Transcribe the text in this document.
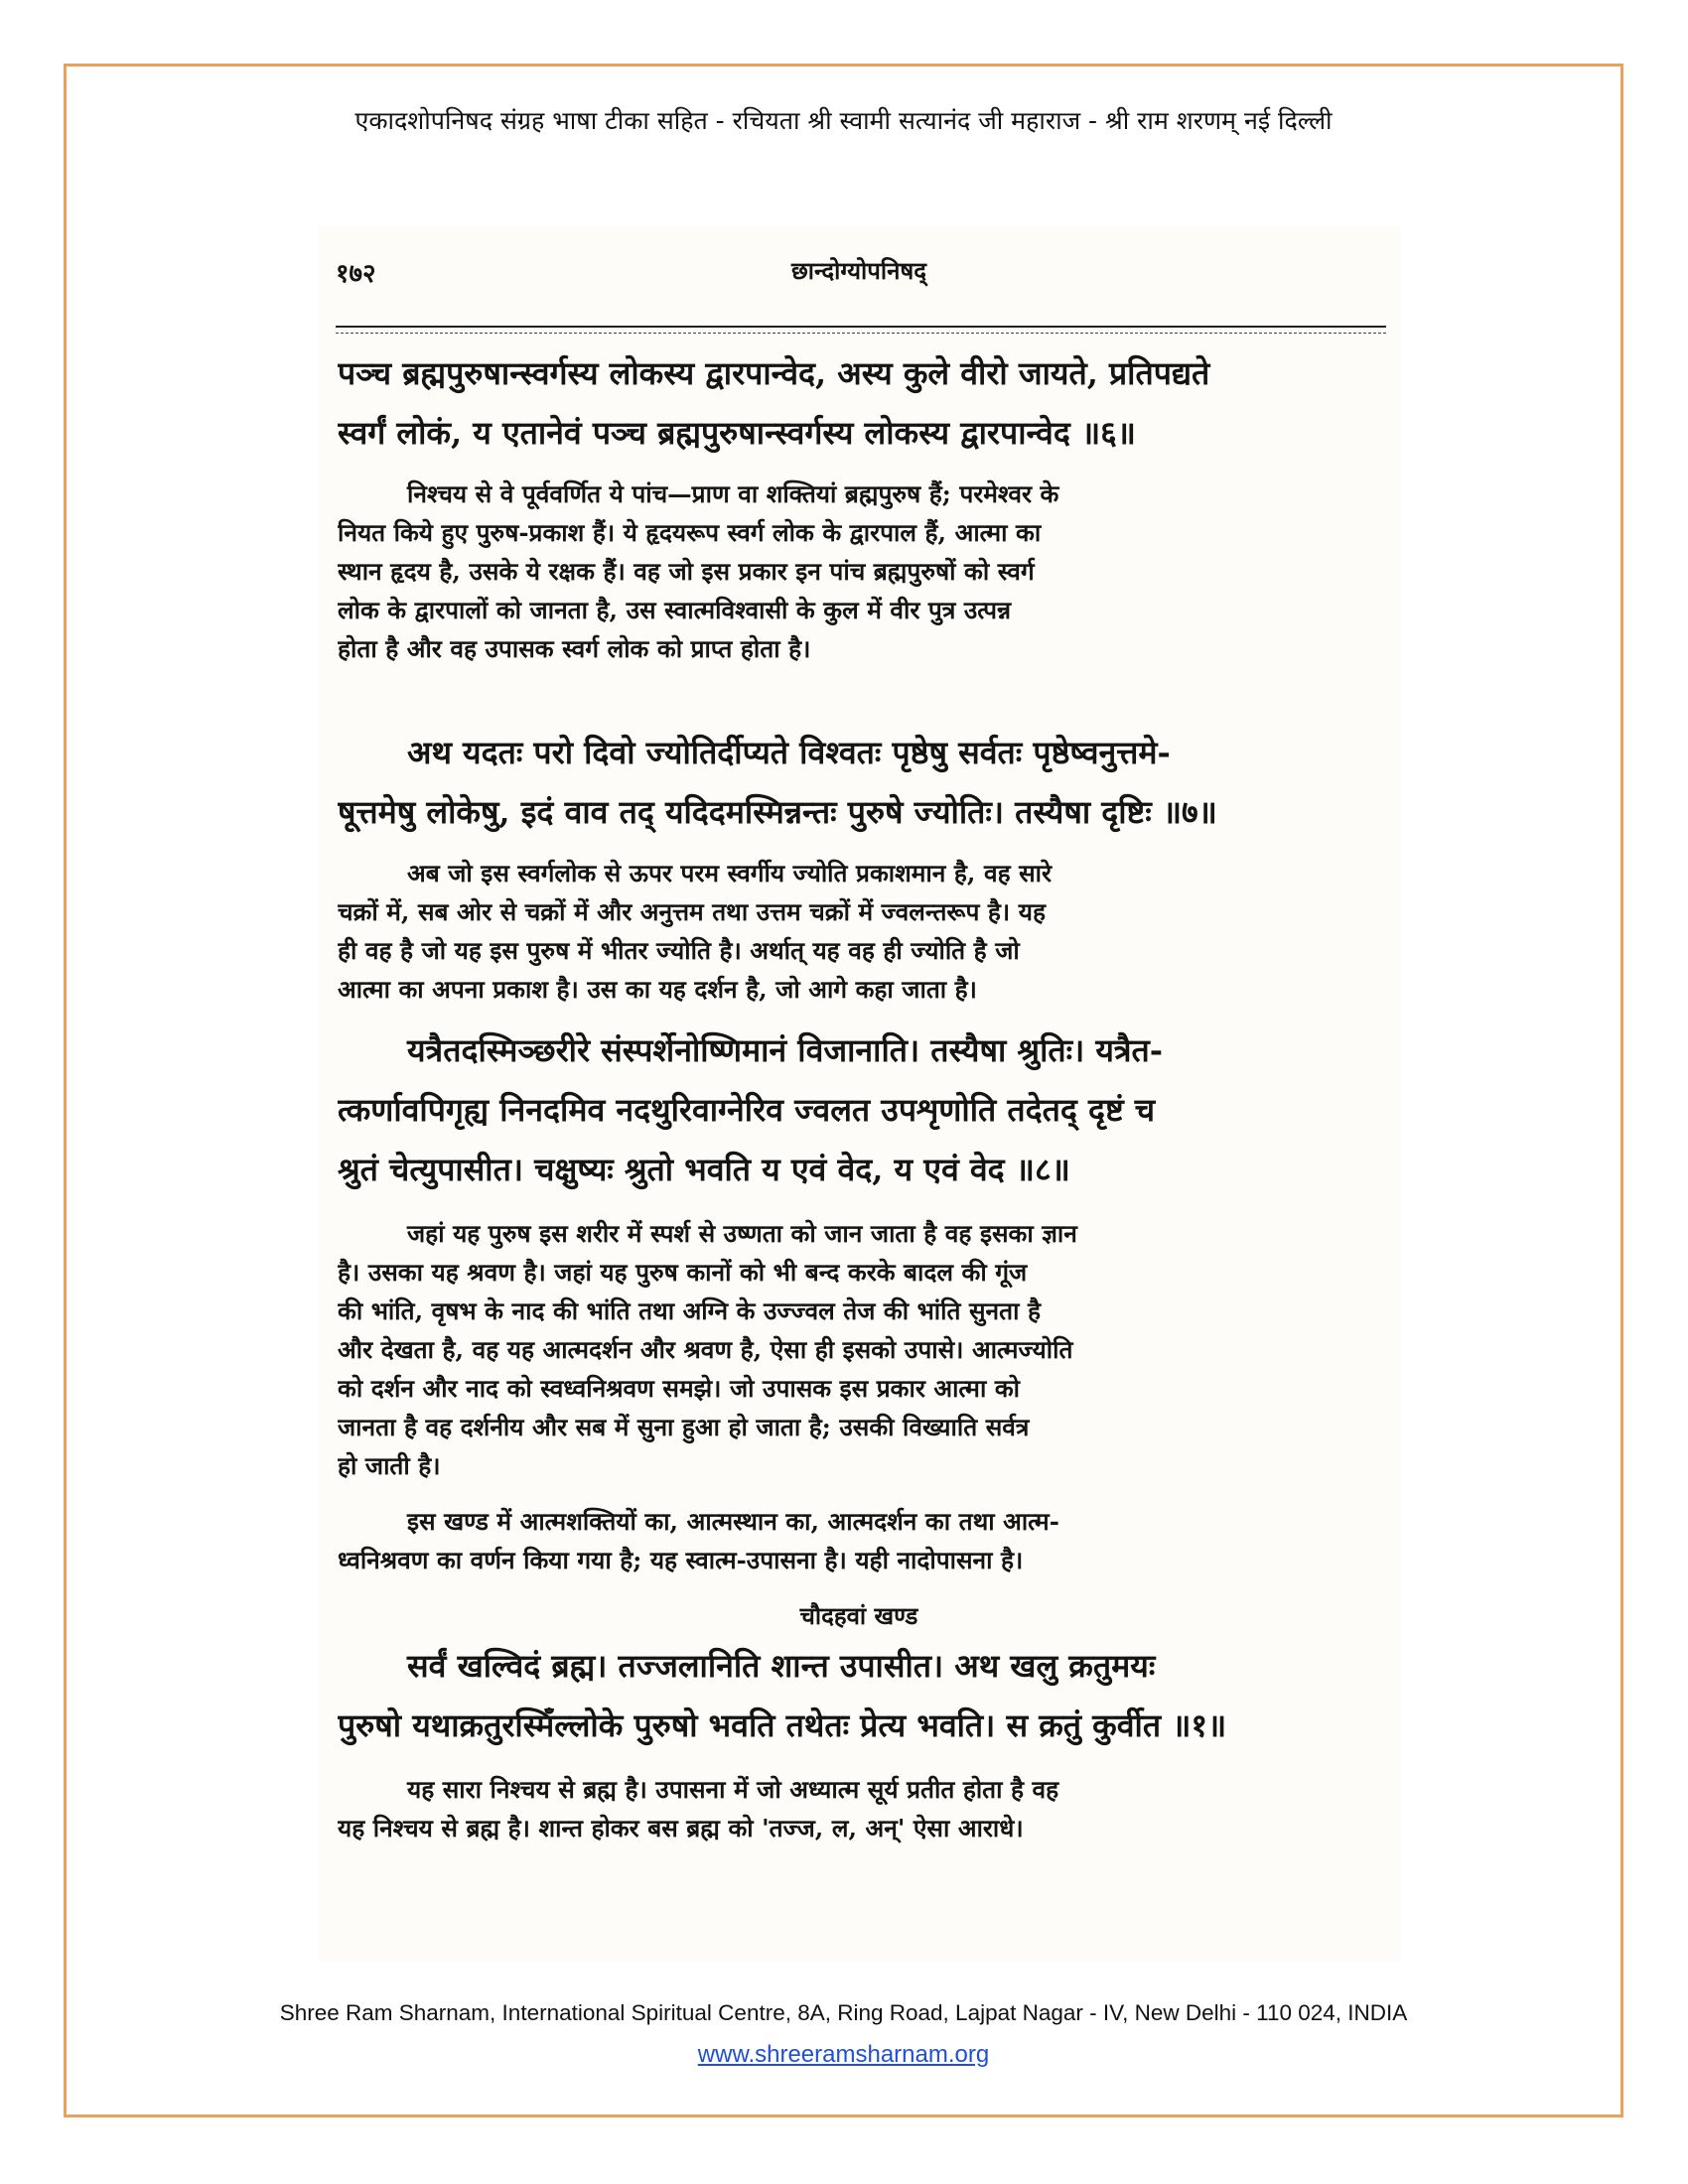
एकादशोपनिषद संग्रह भाषा टीका सहित - रचियता श्री स्वामी सत्यानंद जी महाराज - श्री राम शरणम् नई दिल्ली
१७२	छान्दोग्योपनिषद्
पञ्च ब्रह्मपुरुषान्स्वर्गस्य लोकस्य द्वारपान्वेद, अस्य कुले वीरो जायते, प्रतिपद्यते
स्वर्गं लोकं, य एतानेवं पञ्च ब्रह्मपुरुषान्स्वर्गस्य लोकस्य द्वारपान्वेद ॥६॥
निश्चय से वे पूर्ववर्णित ये पांच—प्राण वा शक्तियां ब्रह्मपुरुष हैं; परमेश्वर के
नियत किये हुए पुरुष-प्रकाश हैं। ये हृदयरूप स्वर्ग लोक के द्वारपाल हैं, आत्मा का
स्थान हृदय है, उसके ये रक्षक हैं। वह जो इस प्रकार इन पांच ब्रह्मपुरुषों को स्वर्ग
लोक के द्वारपालों को जानता है, उस स्वात्मविश्वासी के कुल में वीर पुत्र उत्पन्न
होता है और वह उपासक स्वर्ग लोक को प्राप्त होता है।
अथ यदतः परो दिवो ज्योतिर्दीप्यते विश्वतः पृष्ठेषु सर्वतः पृष्ठेष्वनुत्तमे-
षूत्तमेषु लोकेषु, इदं वाव तद् यदिदमस्मिन्नन्तः पुरुषे ज्योतिः। तस्यैषा दृष्टिः ॥७॥
अब जो इस स्वर्गलोक से ऊपर परम स्वर्गीय ज्योति प्रकाशमान है, वह सारे
चक्रों में, सब ओर से चक्रों में और अनुत्तम तथा उत्तम चक्रों में ज्वलन्तरूप है। यह
ही वह है जो यह इस पुरुष में भीतर ज्योति है। अर्थात् यह वह ही ज्योति है जो
आत्मा का अपना प्रकाश है। उस का यह दर्शन है, जो आगे कहा जाता है।
यत्रैतदस्मिञ्छरीरे संस्पर्शेनोष्णिमानं विजानाति। तस्यैषा श्रुतिः। यत्रैत-
त्कर्णावपिगृह्य निनदमिव नदथुरिवाग्नेरिव ज्वलत उपशृणोति तदेतद् दृष्टं च
श्रुतं चेत्युपासीत। चक्षुष्यः श्रुतो भवति य एवं वेद, य एवं वेद ॥८॥
जहां यह पुरुष इस शरीर में स्पर्श से उष्णता को जान जाता है वह इसका ज्ञान
है। उसका यह श्रवण है। जहां यह पुरुष कानों को भी बन्द करके बादल की गूंज
की भांति, वृषभ के नाद की भांति तथा अग्नि के उज्ज्वल तेज की भांति सुनता है
और देखता है, वह यह आत्मदर्शन और श्रवण है, ऐसा ही इसको उपासे। आत्मज्योति
को दर्शन और नाद को स्वध्वनिश्रवण समझे। जो उपासक इस प्रकार आत्मा को
जानता है वह दर्शनीय और सब में सुना हुआ हो जाता है; उसकी विख्याति सर्वत्र
हो जाती है।
इस खण्ड में आत्मशक्तियों का, आत्मस्थान का, आत्मदर्शन का तथा आत्म-
ध्वनिश्रवण का वर्णन किया गया है; यह स्वात्म-उपासना है। यही नादोपासना है।
चौदहवां खण्ड
सर्वं खल्विदं ब्रह्म। तज्जलानिति शान्त उपासीत। अथ खलु क्रतुमयः
पुरुषो यथाक्रतुरस्मिँल्लोके पुरुषो भवति तथेतः प्रेत्य भवति। स क्रतुं कुर्वीत ॥१॥
यह सारा निश्चय से ब्रह्म है। उपासना में जो अध्यात्म सूर्य प्रतीत होता है वह
यह निश्चय से ब्रह्म है। शान्त होकर बस ब्रह्म को 'तज्ज, ल, अन्' ऐसा आराधे।
Shree Ram Sharnam, International Spiritual Centre, 8A, Ring Road, Lajpat Nagar - IV, New Delhi - 110 024, INDIA
www.shreeramsharnam.org
